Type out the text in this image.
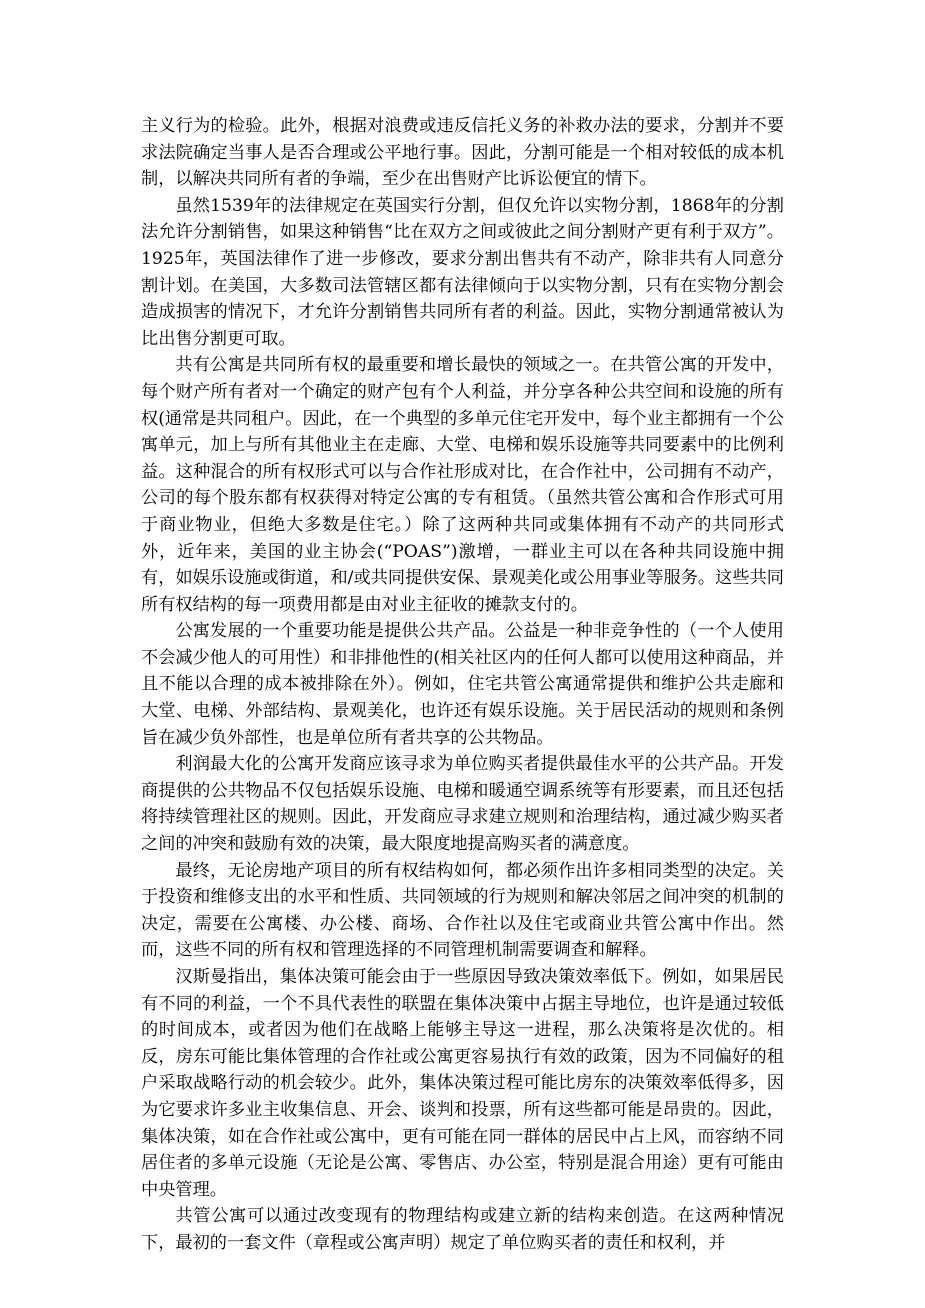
主义行为的检验。此外，根据对浪费或违反信托义务的补救办法的要求，分割并不要求法院确定当事人是否合理或公平地行事。因此，分割可能是一个相对较低的成本机制，以解决共同所有者的争端，至少在出售财产比诉讼便宜的情下。

虽然1539年的法律规定在英国实行分割，但仅允许以实物分割，1868年的分割法允许分割销售，如果这种销售“比在双方之间或彼此之间分割财产更有利于双方”。1925年，英国法律作了进一步修改，要求分割出售共有不动产，除非共有人同意分割计划。在美国，大多数司法管辖区都有法律倾向于以实物分割，只有在实物分割会造成损害的情况下，才允许分割销售共同所有者的利益。因此，实物分割通常被认为比出售分割更可取。

共有公寓是共同所有权的最重要和增长最快的领域之一。在共管公寓的开发中，每个财产所有者对一个确定的财产包有个人利益，并分享各种公共空间和设施的所有权(通常是共同租户。因此，在一个典型的多单元住宅开发中，每个业主都拥有一个公寓单元，加上与所有其他业主在走廊、大堂、电梯和娱乐设施等共同要素中的比例利益。这种混合的所有权形式可以与合作社形成对比，在合作社中，公司拥有不动产，公司的每个股东都有权获得对特定公寓的专有租赁。（虽然共管公寓和合作形式可用于商业物业，但绝大多数是住宅。）除了这两种共同或集体拥有不动产的共同形式外，近年来，美国的业主协会(“POAS”)激增，一群业主可以在各种共同设施中拥有，如娱乐设施或街道，和/或共同提供安保、景观美化或公用事业等服务。这些共同所有权结构的每一项费用都是由对业主征收的摊款支付的。

公寓发展的一个重要功能是提供公共产品。公益是一种非竞争性的（一个人使用不会减少他人的可用性）和非排他性的(相关社区内的任何人都可以使用这种商品，并且不能以合理的成本被排除在外）。例如，住宅共管公寓通常提供和维护公共走廊和大堂、电梯、外部结构、景观美化，也许还有娱乐设施。关于居民活动的规则和条例旨在减少负外部性，也是单位所有者共享的公共物品。

利润最大化的公寓开发商应该寻求为单位购买者提供最佳水平的公共产品。开发商提供的公共物品不仅包括娱乐设施、电梯和暖通空调系统等有形要素，而且还包括将持续管理社区的规则。因此，开发商应寻求建立规则和治理结构，通过减少购买者之间的冲突和鼓励有效的决策，最大限度地提高购买者的满意度。

最终，无论房地产项目的所有权结构如何，都必须作出许多相同类型的决定。关于投资和维修支出的水平和性质、共同领域的行为规则和解决邻居之间冲突的机制的决定，需要在公寓楼、办公楼、商场、合作社以及住宅或商业共管公寓中作出。然而，这些不同的所有权和管理选择的不同管理机制需要调查和解释。

汉斯曼指出，集体决策可能会由于一些原因导致决策效率低下。例如，如果居民有不同的利益，一个不具代表性的联盟在集体决策中占据主导地位，也许是通过较低的时间成本，或者因为他们在战略上能够主导这一进程，那么决策将是次优的。相反，房东可能比集体管理的合作社或公寓更容易执行有效的政策，因为不同偏好的租户采取战略行动的机会较少。此外，集体决策过程可能比房东的决策效率低得多，因为它要求许多业主收集信息、开会、谈判和投票，所有这些都可能是昂贵的。因此，集体决策，如在合作社或公寓中，更有可能在同一群体的居民中占上风，而容纳不同居住者的多单元设施（无论是公寓、零售店、办公室，特别是混合用途）更有可能由中央管理。

共管公寓可以通过改变现有的物理结构或建立新的结构来创造。在这两种情况下，最初的一套文件（章程或公寓声明）规定了单位购买者的责任和权利，并
